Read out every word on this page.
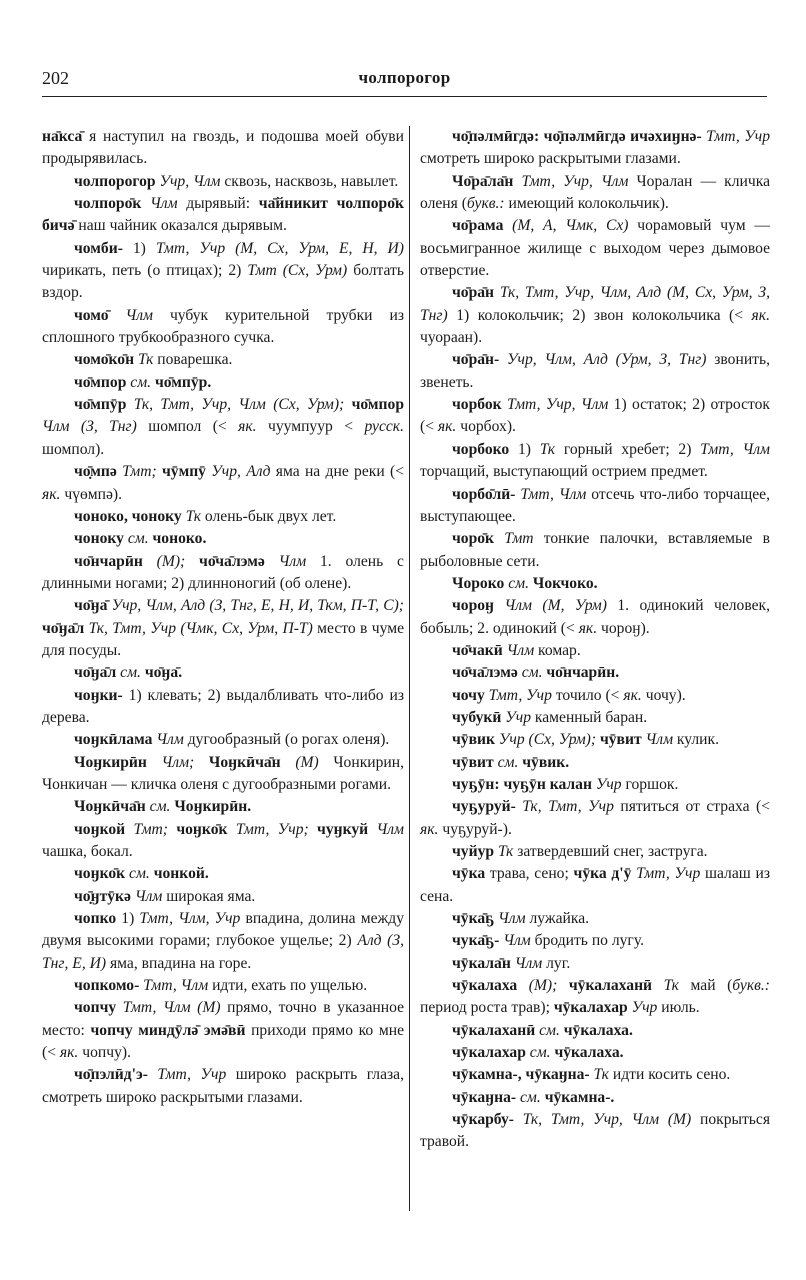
202	чолпорогор

на̄кса̄ я наступил на гвоздь, и подошва моей обуви продырявилась.

чолпорогор Учр, Члм сквозь, насквозь, навылет.

чолпоро̄к Члм дырявый: ча̄йникит чолпоро̄к бичә̄ наш чайник оказался дырявым.

чомби- 1) Тмт, Учр (М, Сх, Урм, Е, Н, И) чирикать, петь (о птицах); 2) Тмт (Сх, Урм) болтать вздор.

чомо̄ Члм чубук курительной трубки из сплошного трубкообразного сучка.

чомо̄ко̄н Тк поварешка.

чо̄мпор см. чо̄мпӯр.

чо̄мпӯр Тк, Тмт, Учр, Члм (Сх, Урм); чо̄мпор Члм (З, Тнг) шомпол (< як. чуумпуур < русск. шомпол).

чо̣̄мпә Тмт; чӯмпӯ Учр, Алд яма на дне реки (< як. чүөмпә).

чоноко, чоноку Тк олень-бык двух лет.

чоноку см. чоноко.

чо̄нчарӣн (М); чо̄ча̄лэмә Члм 1. олень с длинными ногами; 2) длинноногий (об олене).

чо̄ӈа̄ Учр, Члм, Алд (З, Тнг, Е, Н, И, Ткм, П-Т, С); чо̄ӈа̄л Тк, Тмт, Учр (Чмк, Сх, Урм, П-Т) место в чуме для посуды.

чо̄ӈа̄л см. чо̄ӈа̄.

чоӈки- 1) клевать; 2) выдалбливать что-либо из дерева.

чоӈкӣлама Члм дугообразный (о рогах оленя).

Чоӈкирӣн Члм; Чоӈкӣча̄н (М) Чонкирин, Чонкичан — кличка оленя с дугообразными рогами.

Чоӈкӣча̄н см. Чоӈкирӣн.

чоӈкой Тмт; чоӈко̄к Тмт, Учр; чуӈкуй Члм чашка, бокал.

чоӈко̄к см. чонкой.

чо̣̄ӈтӯкә Члм широкая яма.

чопко 1) Тмт, Члм, Учр впадина, долина между двумя высокими горами; глубокое ущелье; 2) Алд (З, Тнг, Е, И) яма, впадина на горе.

чопкомо- Тмт, Члм идти, ехать по ущелью.

чопчу Тмт, Члм (М) прямо, точно в указанное место: чопчу миндӯлә̄ эмә̄вӣ приходи прямо ко мне (< як. чопчу).

чо̣̄пэлӣд'э- Тмт, Учр широко раскрыть глаза, смотреть широко раскрытыми глазами.

чо̣̄пәлмӣгдә: чо̣̄пәлмӣгдә ичәхиӈнә- Тмт, Учр смотреть широко раскрытыми глазами.

Чо̄ра̄ла̄н Тмт, Учр, Члм Чоралан — кличка оленя (букв.: имеющий колокольчик).

чо̄рама (М, А, Чмк, Сх) чорамовый чум — восьмигранное жилище с выходом через дымовое отверстие.

чо̄ра̄н Тк, Тмт, Учр, Члм, Алд (М, Сх, Урм, З, Тнг) 1) колокольчик; 2) звон колокольчика (< як. чуораан).

чо̄ра̄н- Учр, Члм, Алд (Урм, З, Тнг) звонить, звенеть.

чорбок Тмт, Учр, Члм 1) остаток; 2) отросток (< як. чорбох).

чорбоко 1) Тк горный хребет; 2) Тмт, Члм торчащий, выступающий острием предмет.

чорбо̄лӣ- Тмт, Члм отсечь что-либо торчащее, выступающее.

чоро̄к Тмт тонкие палочки, вставляемые в рыболовные сети.

Чороко см. Чокчоко.

чороӈ Члм (М, Урм) 1. одинокий человек, бобыль; 2. одинокий (< як. чороӈ).

чо̄чакӣ Члм комар.

чо̄ча̄лэмә см. чо̄нчарӣн.

чочу Тмт, Учр точило (< як. чочу).

чубукӣ Учр каменный баран.

чӯвик Учр (Сх, Урм); чӯвит Члм кулик.

чӯвит см. чӯвик.

чуҕӯн: чуҕӯн калан Учр горшок.

чуҕуруй- Тк, Тмт, Учр пятиться от страха (< як. чуҕуруй-).

чуйур Тк затвердевший снег, заструга.

чӯка трава, сено; чӯка д'ӯ Тмт, Учр шалаш из сена.

чӯка̄ҕ Члм лужайка.

чука̄ҕ- Члм бродить по лугу.

чӯкала̄н Члм луг.

чӯкалаха (М); чӯкалаханӣ Тк май (букв.: период роста трав); чӯкалахар Учр июль.

чӯкалаханӣ см. чӯкалаха.

чӯкалахар см. чӯкалаха.

чӯкамна-, чӯкаӈна- Тк идти косить сено.

чӯкаӈна- см. чӯкамна-.

чӯкарбу- Тк, Тмт, Учр, Члм (М) покрыться травой.
